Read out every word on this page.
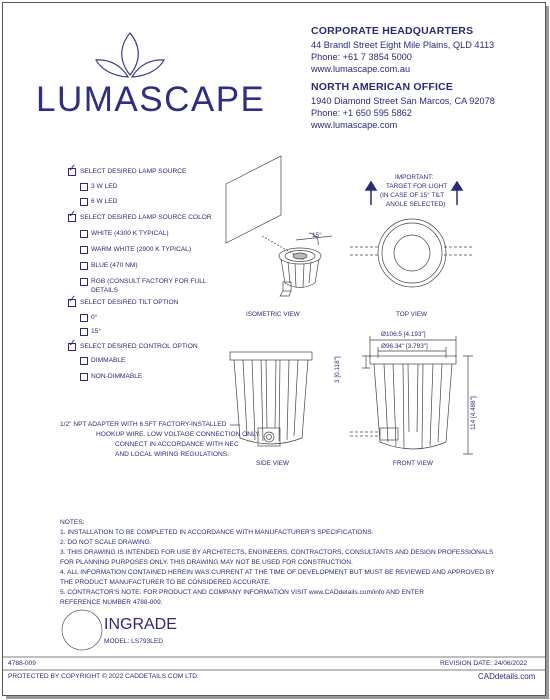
LUMASCAPE
CORPORATE HEADQUARTERS
44 Brandl Street Eight Mile Plains, QLD 4113
Phone: +61 7 3854 5000
www.lumascape.com.au
NORTH AMERICAN OFFICE
1940 Diamond Street San Marcos, CA 92078
Phone: +1 650 595 5862
www.lumascape.com
✓ SELECT DESIRED LAMP SOURCE
3 W LED
6 W LED
✓ SELECT DESIRED LAMP SOURCE COLOR
WHITE (4300 K TYPICAL)
WARM WHITE (2900 K TYPICAL)
BLUE (470 NM)
RGB (CONSULT FACTORY FOR FULL
DETAILS
✓ SELECT DESIRED TILT OPTION
0°
15°
✓ SELECT DESIRED CONTROL OPTION
DIMMABLE
NON-DIMMABLE
IMPORTANT:
TARGET FOR LIGHT
(IN CASE OF 15° TILT
ANGLE SELECTED)
15°
ISOMETRIC VIEW	TOP VIEW
SIDE VIEW	FRONT VIEW
Ø106.5 [4.193"]
Ø96.34" [3.793"]
3 [0.118"]
114 [4.488"]
1/2" NPT ADAPTER WITH 6.5FT FACTORY-INSTALLED
HOOKUP WIRE. LOW VOLTAGE CONNECTION ONLY.
CONNECT IN ACCORDANCE WITH NEC
AND LOCAL WIRING REGULATIONS.
NOTES:
1. INSTALLATION TO BE COMPLETED IN ACCORDANCE WITH MANUFACTURER'S SPECIFICATIONS.
2. DO NOT SCALE DRAWING.
3. THIS DRAWING IS INTENDED FOR USE BY ARCHITECTS, ENGINEERS, CONTRACTORS, CONSULTANTS AND DESIGN PROFESSIONALS
FOR PLANNING PURPOSES ONLY. THIS DRAWING MAY NOT BE USED FOR CONSTRUCTION.
4. ALL INFORMATION CONTAINED HEREIN WAS CURRENT AT THE TIME OF DEVELOPMENT BUT MUST BE REVIEWED AND APPROVED BY
THE PRODUCT MANUFACTURER TO BE CONSIDERED ACCURATE.
5. CONTRACTOR'S NOTE: FOR PRODUCT AND COMPANY INFORMATION VISIT www.CADdetails.com/info AND ENTER
REFERENCE NUMBER 4788-009.
INGRADE
MODEL: LS793LED
4788-009	REVISION DATE: 24/06/2022
PROTECTED BY COPYRIGHT © 2022 CADDETAILS.COM LTD.	CADdetails.com
